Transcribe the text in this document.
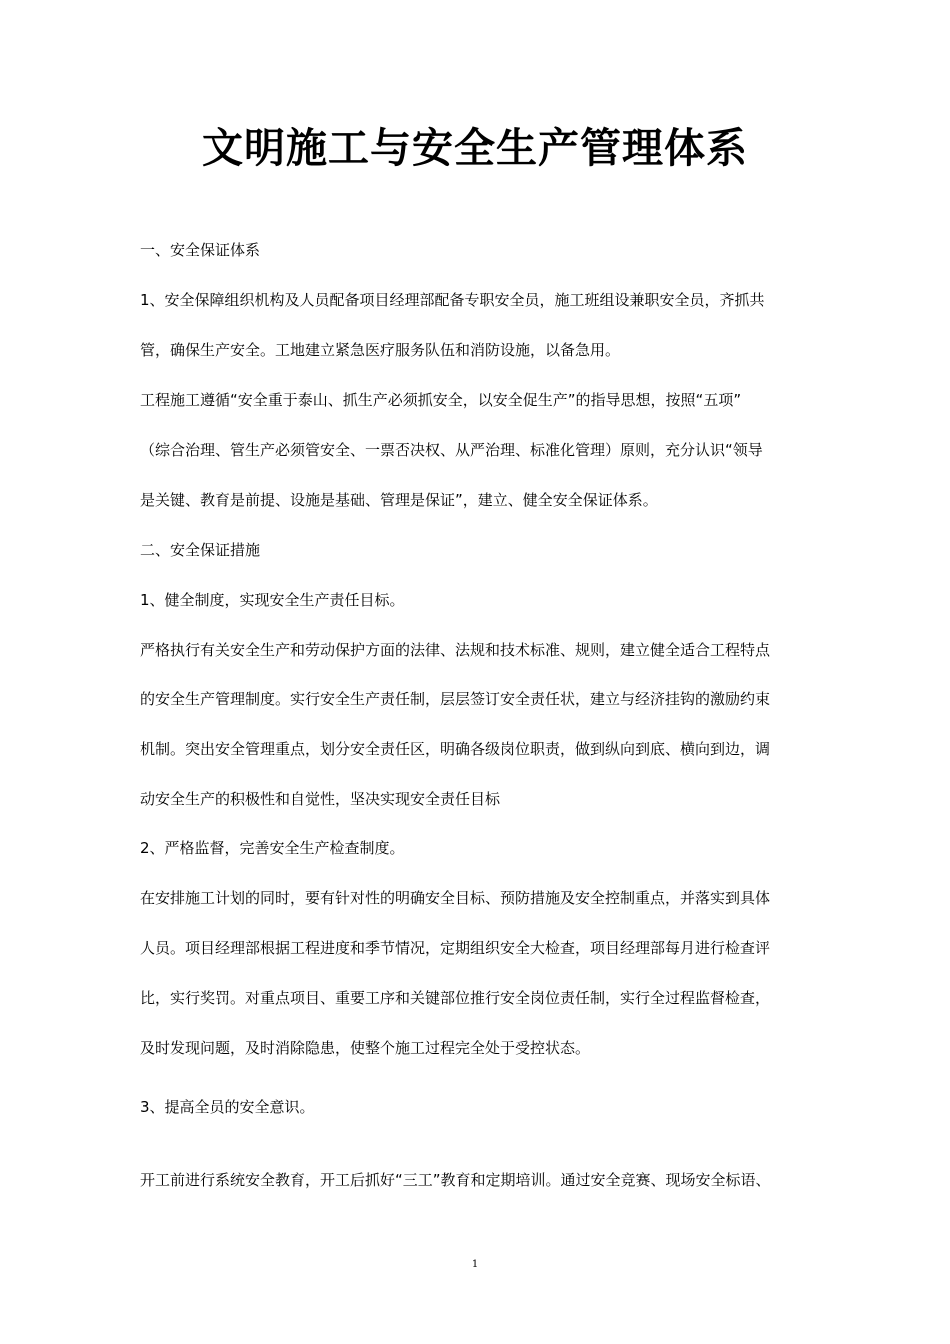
文明施工与安全生产管理体系
一、安全保证体系
1、安全保障组织机构及人员配备项目经理部配备专职安全员，施工班组设兼职安全员，齐抓共
管，确保生产安全。工地建立紧急医疗服务队伍和消防设施，以备急用。
工程施工遵循“安全重于泰山、抓生产必须抓安全，以安全促生产”的指导思想，按照“五项”
（综合治理、管生产必须管安全、一票否决权、从严治理、标准化管理）原则，充分认识“领导
是关键、教育是前提、设施是基础、管理是保证”，建立、健全安全保证体系。
二、安全保证措施
1、健全制度，实现安全生产责任目标。
严格执行有关安全生产和劳动保护方面的法律、法规和技术标准、规则，建立健全适合工程特点
的安全生产管理制度。实行安全生产责任制，层层签订安全责任状，建立与经济挂钩的激励约束
机制。突出安全管理重点，划分安全责任区，明确各级岗位职责，做到纵向到底、横向到边，调
动安全生产的积极性和自觉性，坚决实现安全责任目标
2、严格监督，完善安全生产检查制度。
在安排施工计划的同时，要有针对性的明确安全目标、预防措施及安全控制重点，并落实到具体
人员。项目经理部根据工程进度和季节情况，定期组织安全大检查，项目经理部每月进行检查评
比，实行奖罚。对重点项目、重要工序和关键部位推行安全岗位责任制，实行全过程监督检查，
及时发现问题，及时消除隐患，使整个施工过程完全处于受控状态。
3、提高全员的安全意识。
开工前进行系统安全教育，开工后抓好“三工”教育和定期培训。通过安全竞赛、现场安全标语、
1
